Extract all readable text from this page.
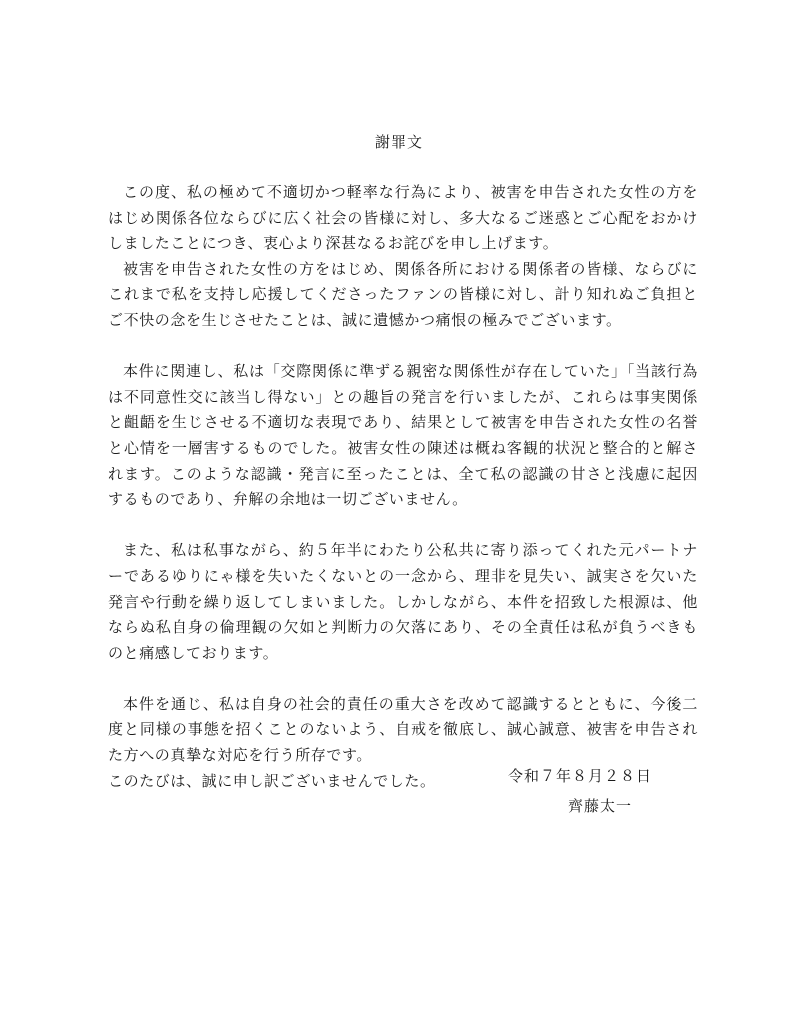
謝罪文

この度、私の極めて不適切かつ軽率な行為により、被害を申告された女性の方をはじめ関係各位ならびに広く社会の皆様に対し、多大なるご迷惑とご心配をおかけしましたことにつき、衷心より深甚なるお詫びを申し上げます。

被害を申告された女性の方をはじめ、関係各所における関係者の皆様、ならびにこれまで私を支持し応援してくださったファンの皆様に対し、計り知れぬご負担とご不快の念を生じさせたことは、誠に遺憾かつ痛恨の極みでございます。

本件に関連し、私は「交際関係に準ずる親密な関係性が存在していた」「当該行為は不同意性交に該当し得ない」との趣旨の発言を行いましたが、これらは事実関係と齟齬を生じさせる不適切な表現であり、結果として被害を申告された女性の名誉と心情を一層害するものでした。被害女性の陳述は概ね客観的状況と整合的と解されます。このような認識・発言に至ったことは、全て私の認識の甘さと浅慮に起因するものであり、弁解の余地は一切ございません。

また、私は私事ながら、約５年半にわたり公私共に寄り添ってくれた元パートナーであるゆりにゃ様を失いたくないとの一念から、理非を見失い、誠実さを欠いた発言や行動を繰り返してしまいました。しかしながら、本件を招致した根源は、他ならぬ私自身の倫理観の欠如と判断力の欠落にあり、その全責任は私が負うべきものと痛感しております。

本件を通じ、私は自身の社会的責任の重大さを改めて認識するとともに、今後二度と同様の事態を招くことのないよう、自戒を徹底し、誠心誠意、被害を申告された方への真摯な対応を行う所存です。

このたびは、誠に申し訳ございませんでした。	令和７年８月２８日
齊藤太一
